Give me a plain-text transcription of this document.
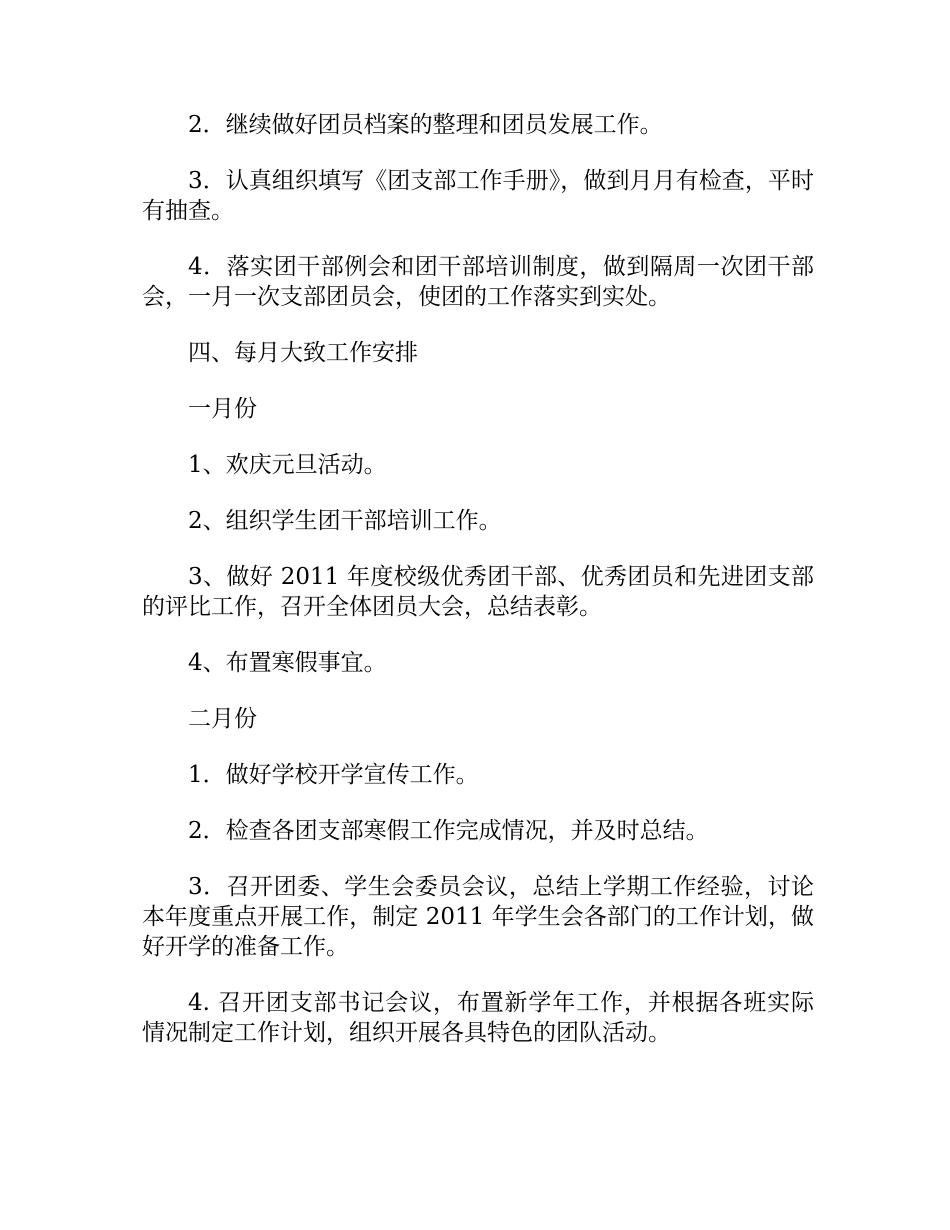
2．继续做好团员档案的整理和团员发展工作。

3．认真组织填写《团支部工作手册》，做到月月有检查，平时有抽查。

4．落实团干部例会和团干部培训制度，做到隔周一次团干部会，一月一次支部团员会，使团的工作落实到实处。

四、每月大致工作安排

一月份

1、欢庆元旦活动。

2、组织学生团干部培训工作。

3、做好 2011 年度校级优秀团干部、优秀团员和先进团支部的评比工作，召开全体团员大会，总结表彰。

4、布置寒假事宜。

二月份

1．做好学校开学宣传工作。

2．检查各团支部寒假工作完成情况，并及时总结。

3．召开团委、学生会委员会议，总结上学期工作经验，讨论本年度重点开展工作，制定 2011 年学生会各部门的工作计划，做好开学的准备工作。

4. 召开团支部书记会议，布置新学年工作，并根据各班实际情况制定工作计划，组织开展各具特色的团队活动。
